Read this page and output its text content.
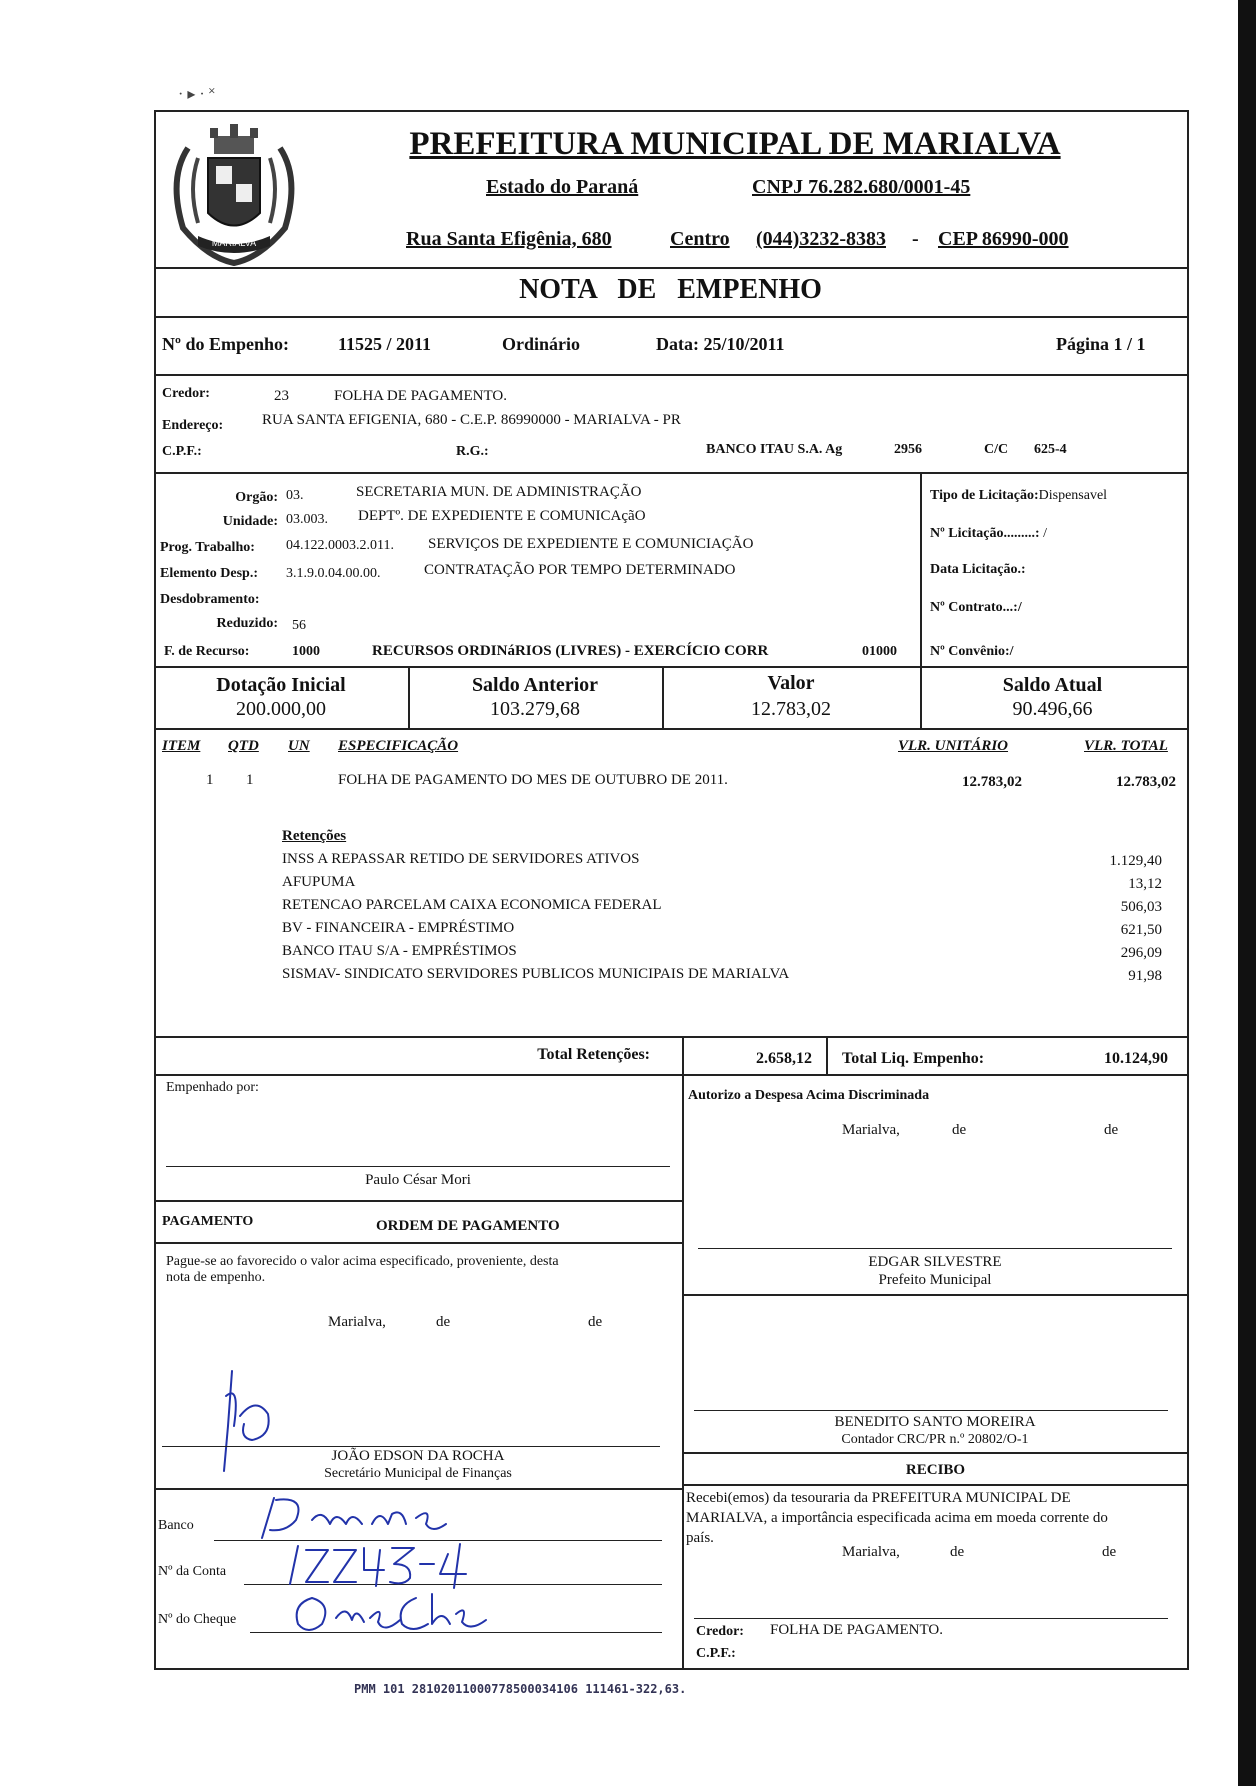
· ▸ · ˟
MARIALVA
PREFEITURA MUNICIPAL DE MARIALVA
Estado do Paraná	CNPJ 76.282.680/0001-45
Rua Santa Efigênia, 680	Centro (044)3232-8383 - CEP 86990-000
NOTA DE EMPENHO
Nº do Empenho:	11525 / 2011	Ordinário	Data: 25/10/2011	Página 1 / 1
Credor:	23	FOLHA DE PAGAMENTO.
Endereço:	RUA SANTA EFIGENIA, 680 - C.E.P. 86990000 - MARIALVA - PR
C.P.F.:	R.G.:	BANCO ITAU S.A. Ag	2956	C/C 625-4
Orgão: 03.	SECRETARIA MUN. DE ADMINISTRAÇÃO
Unidade: 03.003. DEPTº. DE EXPEDIENTE E COMUNICAçãO
Prog. Trabalho: 04.122.0003.2.011. SERVIÇOS DE EXPEDIENTE E COMUNICIAÇÃO
Elemento Desp.: 3.1.9.0.04.00.00.	CONTRATAÇÃO POR TEMPO DETERMINADO
Desdobramento:
Reduzido: 56
F. de Recurso:	1000	RECURSOS ORDINáRIOS (LIVRES) - EXERCÍCIO CORR	01000
Tipo de Licitação:Dispensavel
Nº Licitação.........: /
Data Licitação.:
Nº Contrato...:/
Nº Convênio:/
Dotação Inicial
200.000,00
Saldo Anterior
103.279,68
Valor
12.783,02
Saldo Atual
90.496,66
ITEM QTD UN ESPECIFICAÇÃO	VLR. UNITÁRIO	VLR. TOTAL
1 1	FOLHA DE PAGAMENTO DO MES DE OUTUBRO DE 2011.	12.783,02	12.783,02
Retenções
INSS A REPASSAR RETIDO DE SERVIDORES ATIVOS	1.129,40
AFUPUMA	13,12
RETENCAO PARCELAM CAIXA ECONOMICA FEDERAL	506,03
BV - FINANCEIRA - EMPRÉSTIMO	621,50
BANCO ITAU S/A - EMPRÉSTIMOS	296,09
SISMAV- SINDICATO SERVIDORES PUBLICOS MUNICIPAIS DE MARIALVA	91,98
Total Retenções:	2.658,12 Total Liq. Empenho:	10.124,90
Empenhado por:
Paulo César Mori
Autorizo a Despesa Acima Discriminada
Marialva,	de	de
PAGAMENTO	ORDEM DE PAGAMENTO
Pague-se ao favorecido o valor acima especificado, proveniente, desta
nota de empenho.
Marialva,	de	de
EDGAR SILVESTRE
Prefeito Municipal
BENEDITO SANTO MOREIRA
Contador CRC/PR n.º 20802/O-1
JOÃO EDSON DA ROCHA
Secretário Municipal de Finanças	RECIBO
Recebi(emos) da tesouraria da PREFEITURA MUNICIPAL DE
MARIALVA, a importância especificada acima em moeda corrente do
país.
Marialva,	de	de
Banco
Nº da Conta
Nº do Cheque
Credor: FOLHA DE PAGAMENTO.
C.P.F.:
PMM 101 28102011000778500034106 111461-322,63.
